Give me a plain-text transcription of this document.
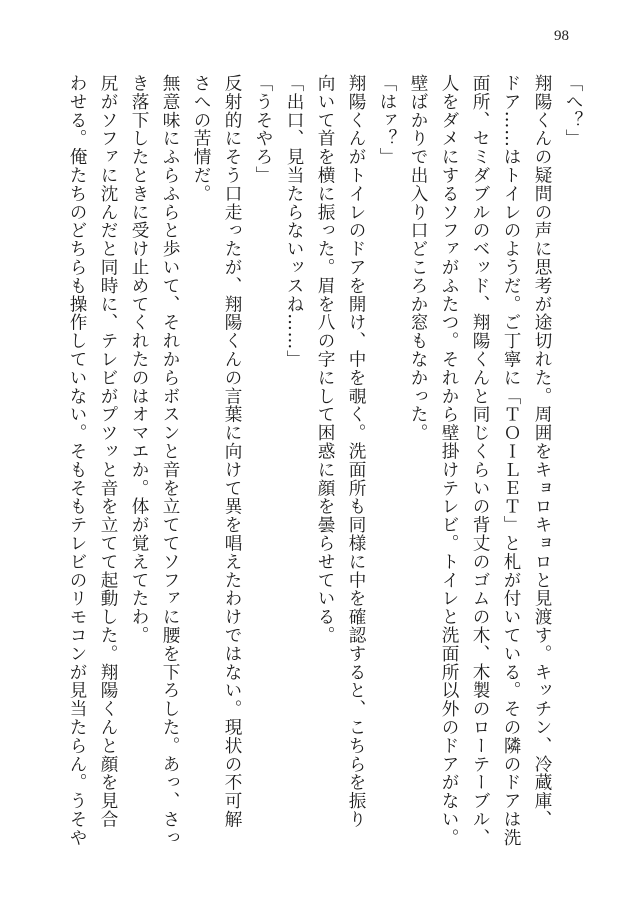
98
「へ？」
翔陽くんの疑問の声に思考が途切れた。周囲をキョロキョロと見渡す。キッチン、冷蔵庫、
ドア……はトイレのようだ。ご丁寧に「ＴＯＩＬＥＴ」と札が付いている。その隣のドアは洗
面所、セミダブルのベッド、翔陽くんと同じくらいの背丈のゴムの木、木製のローテーブル、
人をダメにするソファがふたつ。それから壁掛けテレビ。トイレと洗面所以外のドアがない。
壁ばかりで出入り口どころか窓もなかった。
「はァ？」
翔陽くんがトイレのドアを開け、中を覗く。洗面所も同様に中を確認すると、こちらを振り
向いて首を横に振った。眉を八の字にして困惑に顔を曇らせている。
「出口、見当たらないッスね……」
「うそやろ」
反射的にそう口走ったが、翔陽くんの言葉に向けて異を唱えたわけではない。現状の不可解
さへの苦情だ。
無意味にふらふらと歩いて、それからボスンと音を立ててソファに腰を下ろした。あっ、さっ
き落下したときに受け止めてくれたのはオマエか。体が覚えてたわ。
尻がソファに沈んだと同時に、テレビがプツッと音を立てて起動した。翔陽くんと顔を見合
わせる。俺たちのどちらも操作していない。そもそもテレビのリモコンが見当たらん。うそや
